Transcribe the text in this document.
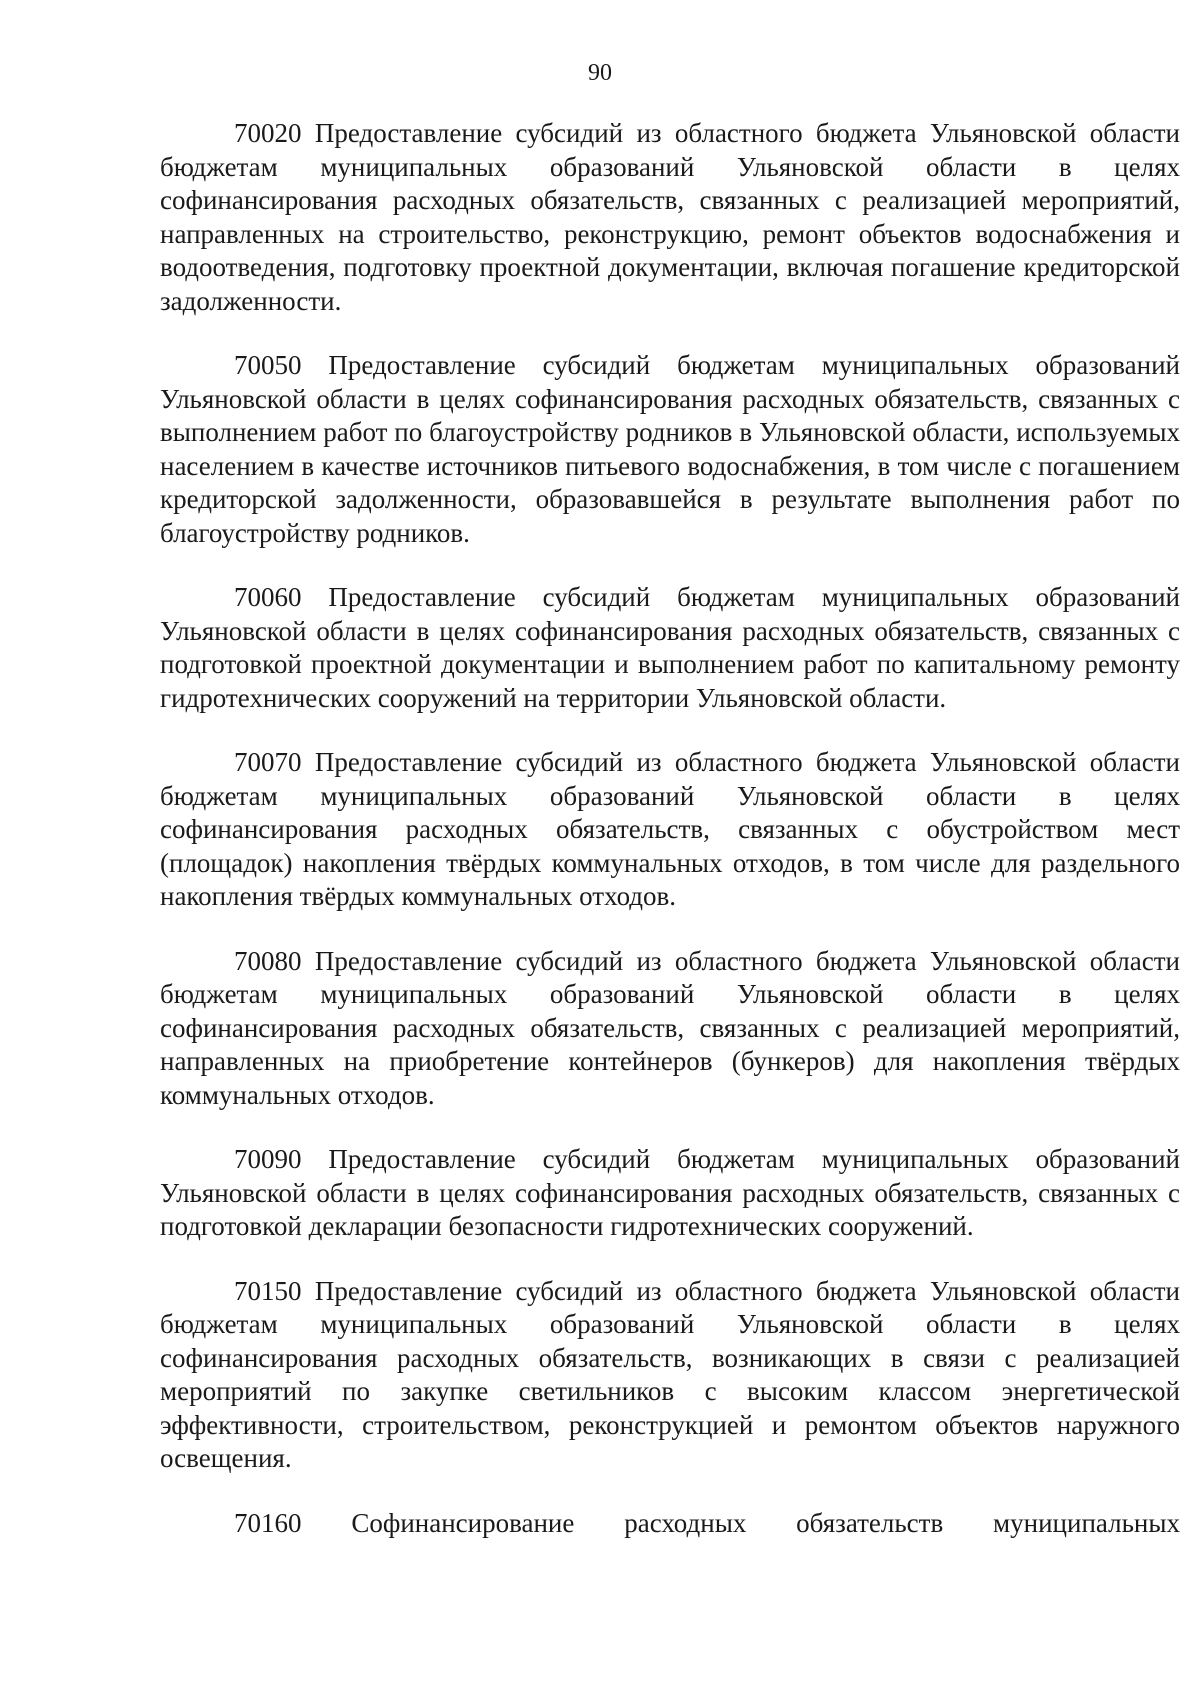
90

70020 Предоставление субсидий из областного бюджета Ульяновской области бюджетам муниципальных образований Ульяновской области в целях софинансирования расходных обязательств, связанных с реализацией мероприятий, направленных на строительство, реконструкцию, ремонт объектов водоснабжения и водоотведения, подготовку проектной документации, включая погашение кредиторской задолженности.

70050 Предоставление субсидий бюджетам муниципальных образований Ульяновской области в целях софинансирования расходных обязательств, связанных с выполнением работ по благоустройству родников в Ульяновской области, используемых населением в качестве источников питьевого водоснабжения, в том числе с погашением кредиторской задолженности, образовавшейся в результате выполнения работ по благоустройству родников.

70060 Предоставление субсидий бюджетам муниципальных образований Ульяновской области в целях софинансирования расходных обязательств, связанных с подготовкой проектной документации и выполнением работ по капитальному ремонту гидротехнических сооружений на территории Ульяновской области.

70070 Предоставление субсидий из областного бюджета Ульяновской области бюджетам муниципальных образований Ульяновской области в целях софинансирования расходных обязательств, связанных с обустройством мест (площадок) накопления твёрдых коммунальных отходов, в том числе для раздельного накопления твёрдых коммунальных отходов.

70080 Предоставление субсидий из областного бюджета Ульяновской области бюджетам муниципальных образований Ульяновской области в целях софинансирования расходных обязательств, связанных с реализацией мероприятий, направленных на приобретение контейнеров (бункеров) для накопления твёрдых коммунальных отходов.

70090 Предоставление субсидий бюджетам муниципальных образований Ульяновской области в целях софинансирования расходных обязательств, связанных с подготовкой декларации безопасности гидротехнических сооружений.

70150 Предоставление субсидий из областного бюджета Ульяновской области бюджетам муниципальных образований Ульяновской области в целях софинансирования расходных обязательств, возникающих в связи с реализацией мероприятий по закупке светильников с высоким классом энергетической эффективности, строительством, реконструкцией и ремонтом объектов наружного освещения.

70160 Софинансирование расходных обязательств муниципальных
